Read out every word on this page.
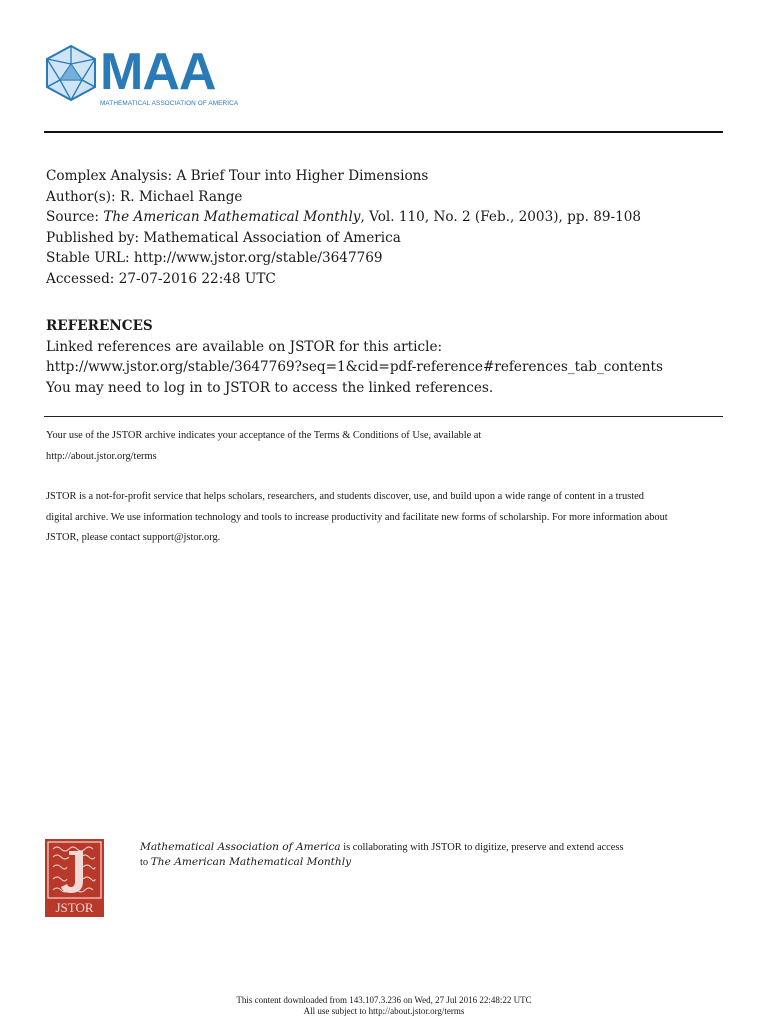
MAA
MATHEMATICAL ASSOCIATION OF AMERICA
Complex Analysis: A Brief Tour into Higher Dimensions
Author(s): R. Michael Range
Source: The American Mathematical Monthly, Vol. 110, No. 2 (Feb., 2003), pp. 89-108
Published by: Mathematical Association of America
Stable URL: http://www.jstor.org/stable/3647769
Accessed: 27-07-2016 22:48 UTC
REFERENCES
Linked references are available on JSTOR for this article:
http://www.jstor.org/stable/3647769?seq=1&cid=pdf-reference#references_tab_contents
You may need to log in to JSTOR to access the linked references.

Your use of the JSTOR archive indicates your acceptance of the Terms & Conditions of Use, available at

http://about.jstor.org/terms

JSTOR is a not-for-profit service that helps scholars, researchers, and students discover, use, and build upon a wide range of content in a trusted

digital archive. We use information technology and tools to increase productivity and facilitate new forms of scholarship. For more information about

JSTOR, please contact support@jstor.org.

JSTOR
Mathematical Association of America is collaborating with JSTOR to digitize, preserve and extend access
to The American Mathematical Monthly
This content downloaded from 143.107.3.236 on Wed, 27 Jul 2016 22:48:22 UTC
All use subject to http://about.jstor.org/terms
